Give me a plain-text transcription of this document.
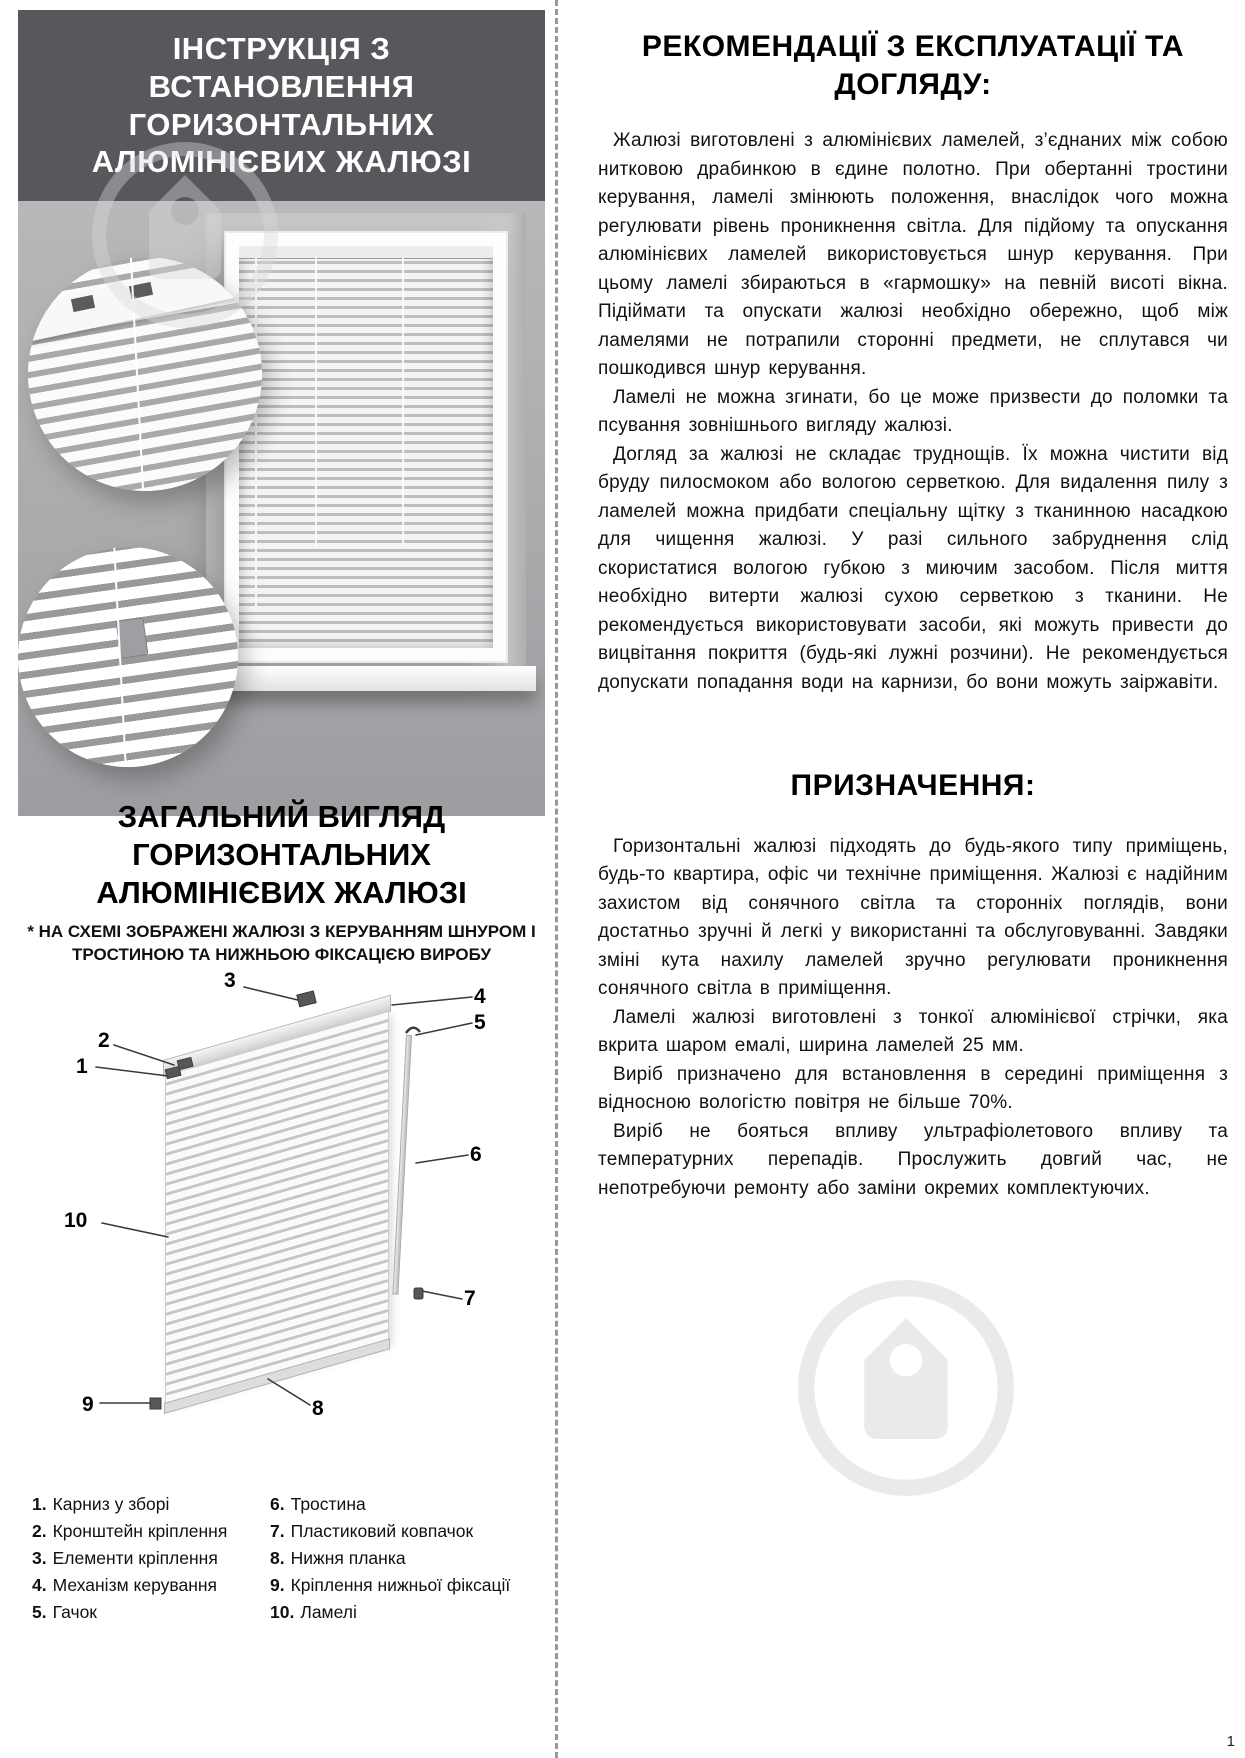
ІНСТРУКЦІЯ З ВСТАНОВЛЕННЯ ГОРИЗОНТАЛЬНИХ АЛЮМІНІЄВИХ ЖАЛЮЗІ
ЗАГАЛЬНИЙ ВИГЛЯД ГОРИЗОНТАЛЬНИХ АЛЮМІНІЄВИХ ЖАЛЮЗІ
* НА СХЕМІ ЗОБРАЖЕНІ ЖАЛЮЗІ З КЕРУВАННЯМ ШНУРОМ І ТРОСТИНОЮ ТА НИЖНЬОЮ ФІКСАЦІЄЮ ВИРОБУ
1
2
3
4
5
6
7
8
9
10
1. Карниз у зборі
2. Кронштейн кріплення
3. Елементи кріплення
4. Механізм керування
5. Гачок
6. Тростина
7. Пластиковий ковпачок
8. Нижня планка
9. Кріплення нижньої фіксації
10. Ламелі
РЕКОМЕНДАЦІЇ З ЕКСПЛУАТАЦІЇ ТА ДОГЛЯДУ:

Жалюзі виготовлені з алюмінієвих ламелей, з’єднаних між собою нитковою драбинкою в єдине полотно. При обертанні тростини керування, ламелі змінюють положення, внаслідок чого можна регулювати рівень проникнення світла. Для підйому та опускання алюмінієвих ламелей використовується шнур керування. При цьому ламелі збираються в «гармошку» на певній висоті вікна. Підіймати та опускати жалюзі необхідно обережно, щоб між ламелями не потрапили сторонні предмети, не сплутався чи пошкодився шнур керування.

Ламелі не можна згинати, бо це може призвести до поломки та псування зовнішнього вигляду жалюзі.

Догляд за жалюзі не складає труднощів. Їх можна чистити від бруду пилосмоком або вологою серветкою. Для видалення пилу з ламелей можна придбати спеціальну щітку з тканинною насадкою для чищення жалюзі. У разі сильного забруднення слід скористатися вологою губкою з миючим засобом. Після миття необхідно витерти жалюзі сухою серветкою з тканини. Не рекомендується використовувати засоби, які можуть привести до вицвітання покриття (будь-які лужні розчини). Не рекомендується допускати попадання води на карнизи, бо вони можуть заіржавіти.

ПРИЗНАЧЕННЯ:

Горизонтальні жалюзі підходять до будь-якого типу приміщень, будь-то квартира, офіс чи технічне приміщення. Жалюзі є надійним захистом від сонячного світла та сторонніх поглядів, вони достатньо зручні й легкі у використанні та обслуговуванні. Завдяки зміні кута нахилу ламелей зручно регулювати проникнення сонячного світла в приміщення.

Ламелі жалюзі виготовлені з тонкої алюмінієвої стрічки, яка вкрита шаром емалі, ширина ламелей 25 мм.

Виріб призначено для встановлення в середині приміщення з відносною вологістю повітря не більше 70%.

Виріб не бояться впливу ультрафіолетового впливу та температурних перепадів. Прослужить довгий час, не непотребуючи ремонту або заміни окремих комплектуючих.

1
